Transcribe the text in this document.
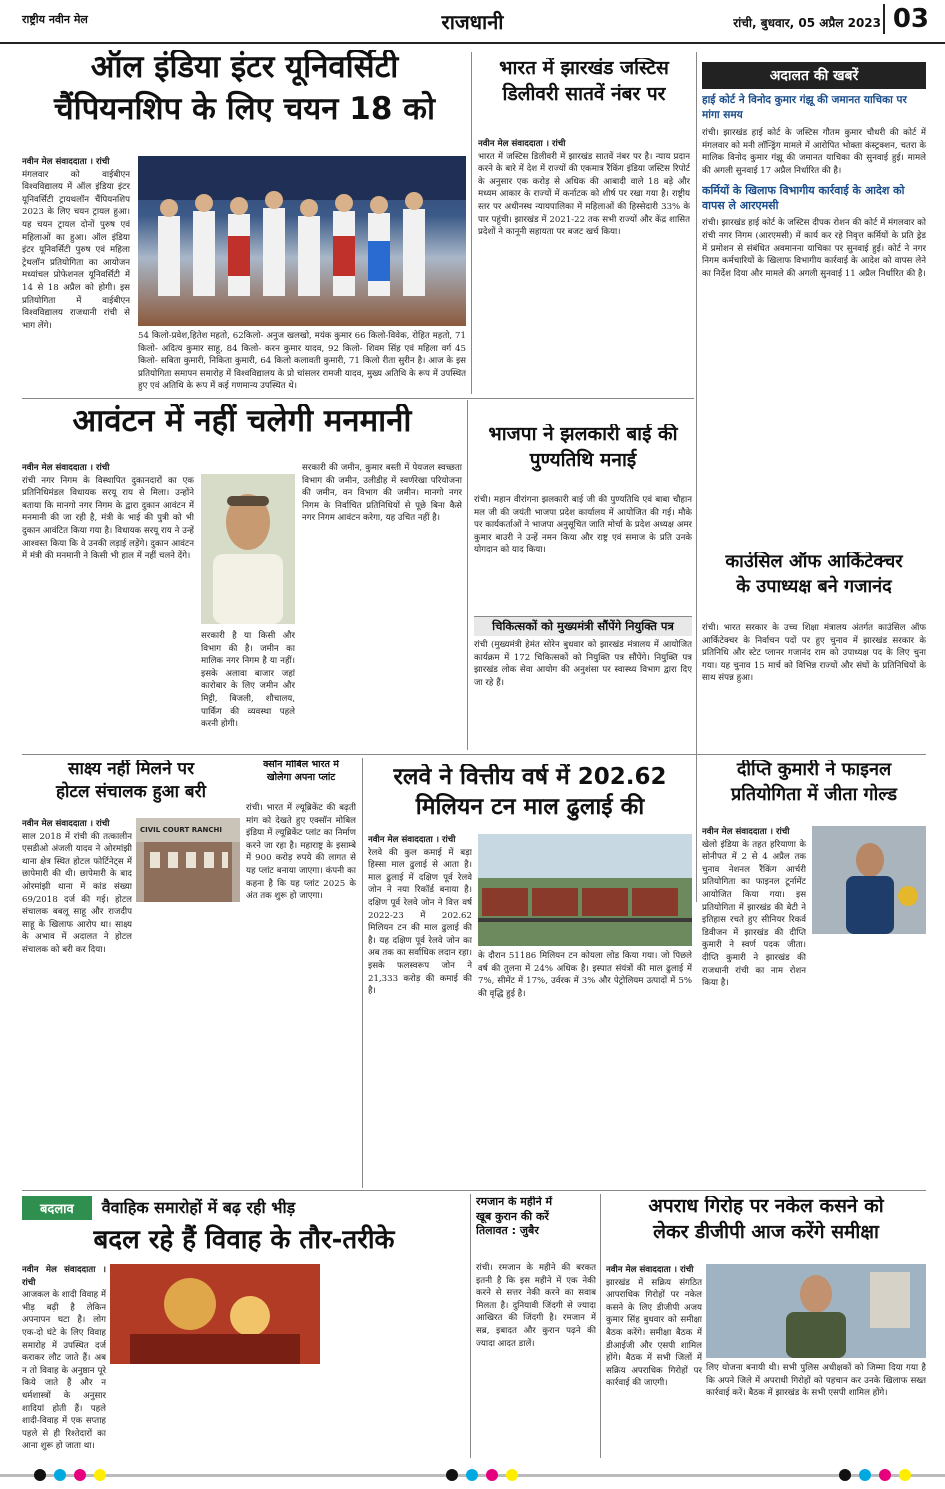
राष्ट्रीय नवीन मेल	राजधानी	रांची, बुधवार, 05 अप्रैल 2023 03
ऑल इंडिया इंटर यूनिवर्सिटी
चैंपियनशिप के लिए चयन 18 को
नवीन मेल संवाददाता । रांची
मंगलवार को वाईबीएन विश्वविद्यालय में ऑल इंडिया इंटर यूनिवर्सिटी ट्रायथलॉन चैंपियनशिप 2023 के लिए चयन ट्रायल हुआ। यह चयन ट्रायल दोनों पुरुष एवं महिलाओं का हुआ। ऑल इंडिया इंटर यूनिवर्सिटी पुरुष एवं महिला ट्रेथलॉन प्रतियोगिता का आयोजन मध्यांचल प्रोफेशनल यूनिवर्सिटी में 14 से 18 अप्रैल को होगी। इस प्रतियोगिता में वाईबीएन विश्वविद्यालय राजधानी रांची से भाग लेंगे।
54 किलो-प्रवेश,हितेश महतो, 62किलो- अनुज खलखो, मयंक कुमार 66 किलो-विवेक, रोहित महतो, 71 किलो- अदित्य कुमार साहू, 84 किलो- करन कुमार यादव, 92 किलो- शिवम सिंह एवं महिला वर्ग 45 किलो- सबिता कुमारी, निकिता कुमारी, 64 किलो कलावती कुमारी, 71 किलो रीता सुरीन है। आज के इस प्रतियोगिता समापन समारोह में विश्वविद्यालय के प्रो चांसलर रामजी यादव, मुख्य अतिथि के रूप में उपस्थित हुए एवं अतिथि के रूप में कई गणमान्य उपस्थित थे।
भारत में झारखंड जस्टिस
डिलीवरी सातवें नंबर पर
नवीन मेल संवाददाता । रांची
भारत में जस्टिस डिलीवरी में झारखंड सातवें नंबर पर है। न्याय प्रदान करने के बारे में देश में राज्यों की एकमात्र रैंकिंग इंडिया जस्टिस रिपोर्ट के अनुसार एक करोड़ से अधिक की आबादी वाले 18 बड़े और मध्यम आकार के राज्यों में कर्नाटक को शीर्ष पर रखा गया है। राष्ट्रीय स्तर पर अधीनस्थ न्यायपालिका में महिलाओं की हिस्सेदारी 33% के पार पहुंची। झारखंड में 2021-22 तक सभी राज्यों और केंद्र शासित प्रदेशों ने कानूनी सहायता पर बजट खर्च किया।
अदालत की खबरें
हाई कोर्ट ने विनोद कुमार गंझू की जमानत याचिका पर मांगा समय
रांची। झारखंड हाई कोर्ट के जस्टिस गौतम कुमार चौधरी की कोर्ट में मंगलवार को मनी लॉन्ड्रिंग मामले में आरोपित भोक्ता कंस्ट्रक्शन, चतरा के मालिक विनोद कुमार गंझू की जमानत याचिका की सुनवाई हुई। मामले की अगली सुनवाई 17 अप्रैल निर्धारित की है।
कर्मियों के खिलाफ विभागीय कार्रवाई के आदेश को वापस ले आरएमसी
रांची। झारखंड हाई कोर्ट के जस्टिस दीपक रोशन की कोर्ट में मंगलवार को रांची नगर निगम (आरएमसी) में कार्य कर रहे निवृत्त कर्मियों के प्रति ड्रेड में प्रमोशन से संबंधित अवमानना याचिका पर सुनवाई हुई। कोर्ट ने नगर निगम कर्मचारियों के खिलाफ विभागीय कार्रवाई के आदेश को वापस लेने का निर्देश दिया और मामले की अगली सुनवाई 11 अप्रैल निर्धारित की है।
आवंटन में नहीं चलेगी मनमानी
नवीन मेल संवाददाता । रांची
रांची नगर निगम के विस्थापित दुकानदारों का एक प्रतिनिधिमंडल विधायक सरयू राय से मिला। उन्होंने बताया कि मानगो नगर निगम के द्वारा दुकान आवंटन में मनमानी की जा रही है, मंत्री के भाई की पुत्री को भी दुकान आवंटित किया गया है। विधायक सरयू राय ने उन्हें आश्वस्त किया कि वे उनकी लड़ाई लड़ेंगे। दुकान आवंटन में मंत्री की मनमानी ने किसी भी हाल में नहीं चलने देंगे।
सरकारी है या किसी और विभाग की है। जमीन का मालिक नगर निगम है या नहीं। इसके अलावा बाजार जहां कारोबार के लिए जमीन और मिट्टी, बिजली, शौचालय, पार्किंग की व्यवस्था पहले करनी होगी।
सरकारी की जमीन, कुमार बस्ती में पेयजल स्वच्छता विभाग की जमीन, उलीडीह में स्वर्णरेखा परियोजना की जमीन, वन विभाग की जमीन। मानगो नगर निगम के निर्वाचित प्रतिनिधियों से पूछे बिना कैसे नगर निगम आवंटन करेगा, यह उचित नहीं है।
भाजपा ने झलकारी बाई की
पुण्यतिथि मनाई
रांची। महान वीरांगना झलकारी बाई जी की पुण्यतिथि एवं बाबा चौहान मल जी की जयंती भाजपा प्रदेश कार्यालय में आयोजित की गई। मौके पर कार्यकर्ताओं ने भाजपा अनुसूचित जाति मोर्चा के प्रदेश अध्यक्ष अमर कुमार बाउरी ने उन्हें नमन किया और राष्ट्र एवं समाज के प्रति उनके योगदान को याद किया।
चिकित्सकों को मुख्यमंत्री सौंपेंगे नियुक्ति पत्र
रांची (मुख्यमंत्री हेमंत सोरेन बुधवार को झारखंड मंत्रालय में आयोजित कार्यक्रम में 172 चिकित्सकों को नियुक्ति पत्र सौंपेंगे। नियुक्ति पत्र झारखंड लोक सेवा आयोग की अनुशंसा पर स्वास्थ्य विभाग द्वारा दिए जा रहे हैं।
काउंसिल ऑफ आर्किटेक्चर
के उपाध्यक्ष बने गजानंद
रांची। भारत सरकार के उच्च शिक्षा मंत्रालय अंतर्गत काउंसिल ऑफ आर्किटेक्चर के निर्वाचन पदों पर हुए चुनाव में झारखंड सरकार के प्रतिनिधि और स्टेट प्लानर गजानंद राम को उपाध्यक्ष पद के लिए चुना गया। यह चुनाव 15 मार्च को विभिन्न राज्यों और संघों के प्रतिनिधियों के साथ संपन्न हुआ।
साक्ष्य नहीं मिलने पर
होटल संचालक हुआ बरी
नवीन मेल संवाददाता । रांची
साल 2018 में रांची की तत्कालीन एसडीओ अंजली यादव ने ओरमांझी थाना क्षेत्र स्थित होटल फोर्टिनेट्स में छापेमारी की थी। छापेमारी के बाद ओरमांझी थाना में कांड संख्या 69/2018 दर्ज की गई। होटल संचालक बबलू साहू और राजदीप साहू के खिलाफ आरोप था। साक्ष्य के अभाव में अदालत ने होटल संचालक को बरी कर दिया।
CIVIL COURT RANCHI
क्सॉन मोबिल भारत में
खोलेगा अपना प्लांट
रांची। भारत में ल्यूब्रिकेंट की बढ़ती मांग को देखते हुए एक्सॉन मोबिल इंडिया में ल्यूब्रिकेंट प्लांट का निर्माण करने जा रहा है। महाराष्ट्र के इसाम्बे में 900 करोड़ रुपये की लागत से यह प्लांट बनाया जाएगा। कंपनी का कहना है कि यह प्लांट 2025 के अंत तक शुरू हो जाएगा।
रलवे ने वित्तीय वर्ष में 202.62
मिलियन टन माल ढुलाई की
नवीन मेल संवाददाता । रांची
रेलवे की कुल कमाई में बड़ा हिस्सा माल ढुलाई से आता है। माल ढुलाई में दक्षिण पूर्व रेलवे जोन ने नया रिकॉर्ड बनाया है। दक्षिण पूर्व रेलवे जोन ने वित्त वर्ष 2022-23 में 202.62 मिलियन टन की माल ढुलाई की है। यह दक्षिण पूर्व रेलवे जोन का अब तक का सर्वाधिक लदान रहा। इसके फलस्वरूप जोन ने 21,333 करोड़ की कमाई की है।
के दौरान 51186 मिलियन टन कोयला लोड किया गया। जो पिछले वर्ष की तुलना में 24% अधिक है। इस्पात संयंत्रों की माल ढुलाई में 7%, सीमेंट में 17%, उर्वरक में 3% और पेट्रोलियम उत्पादों में 5% की वृद्धि हुई है।
दीप्ति कुमारी ने फाइनल
प्रतियोगिता में जीता गोल्ड
नवीन मेल संवाददाता । रांची
खेलो इंडिया के तहत हरियाणा के सोनीपत में 2 से 4 अप्रैल तक चुनाव नेशनल रैंकिंग आर्चरी प्रतियोगिता का फाइनल टूर्नामेंट आयोजित किया गया। इस प्रतियोगिता में झारखंड की बेटी ने इतिहास रचते हुए सीनियर रिकर्व डिवीजन में झारखंड की दीप्ति कुमारी ने स्वर्ण पदक जीता। दीप्ति कुमारी ने झारखंड की राजधानी रांची का नाम रोशन किया है।
बदलाव	वैवाहिक समारोहों में बढ़ रही भीड़
बदल रहे हैं विवाह के तौर-तरीके
नवीन मेल संवाददाता । रांची
आजकल के शादी विवाह में भीड़ बढ़ी है लेकिन अपनापन घटा है। लोग एक-दो घंटे के लिए विवाह समारोह में उपस्थित दर्ज कराकर लौट जाते हैं। अब न तो विवाह के अनुष्ठान पूरे किये जाते हैं और न धर्मशास्त्रों के अनुसार शादियां होती हैं। पहले शादी-विवाह में एक सप्ताह पहले से ही रिश्तेदारों का आना शुरू हो जाता था।
रमजान के महीने में
खूब कुरान की करें
तिलावत : जुबैर
रांची। रमजान के महीने की बरकत इतनी है कि इस महीने में एक नेकी करने से सत्तर नेकी करने का सवाब मिलता है। दुनियावी जिंदगी से ज्यादा आखिरत की जिंदगी है। रमजान में सब्र, इबादत और कुरान पढ़ने की ज्यादा आदत डालें।
अपराध गिरोह पर नकेल कसने को
लेकर डीजीपी आज करेंगे समीक्षा
नवीन मेल संवाददाता । रांची
झारखंड में सक्रिय संगठित आपराधिक गिरोहों पर नकेल कसने के लिए डीजीपी अजय कुमार सिंह बुधवार को समीक्षा बैठक करेंगे। समीक्षा बैठक में डीआईजी और एसपी शामिल होंगे। बैठक में सभी जिलों में सक्रिय अपराधिक गिरोहों पर कार्रवाई की जाएगी।
लिए योजना बनायी थी। सभी पुलिस अधीक्षकों को जिम्मा दिया गया है कि अपने जिले में अपराधी गिरोहों को पहचान कर उनके खिलाफ सख्त कार्रवाई करें। बैठक में झारखंड के सभी एसपी शामिल होंगे।
